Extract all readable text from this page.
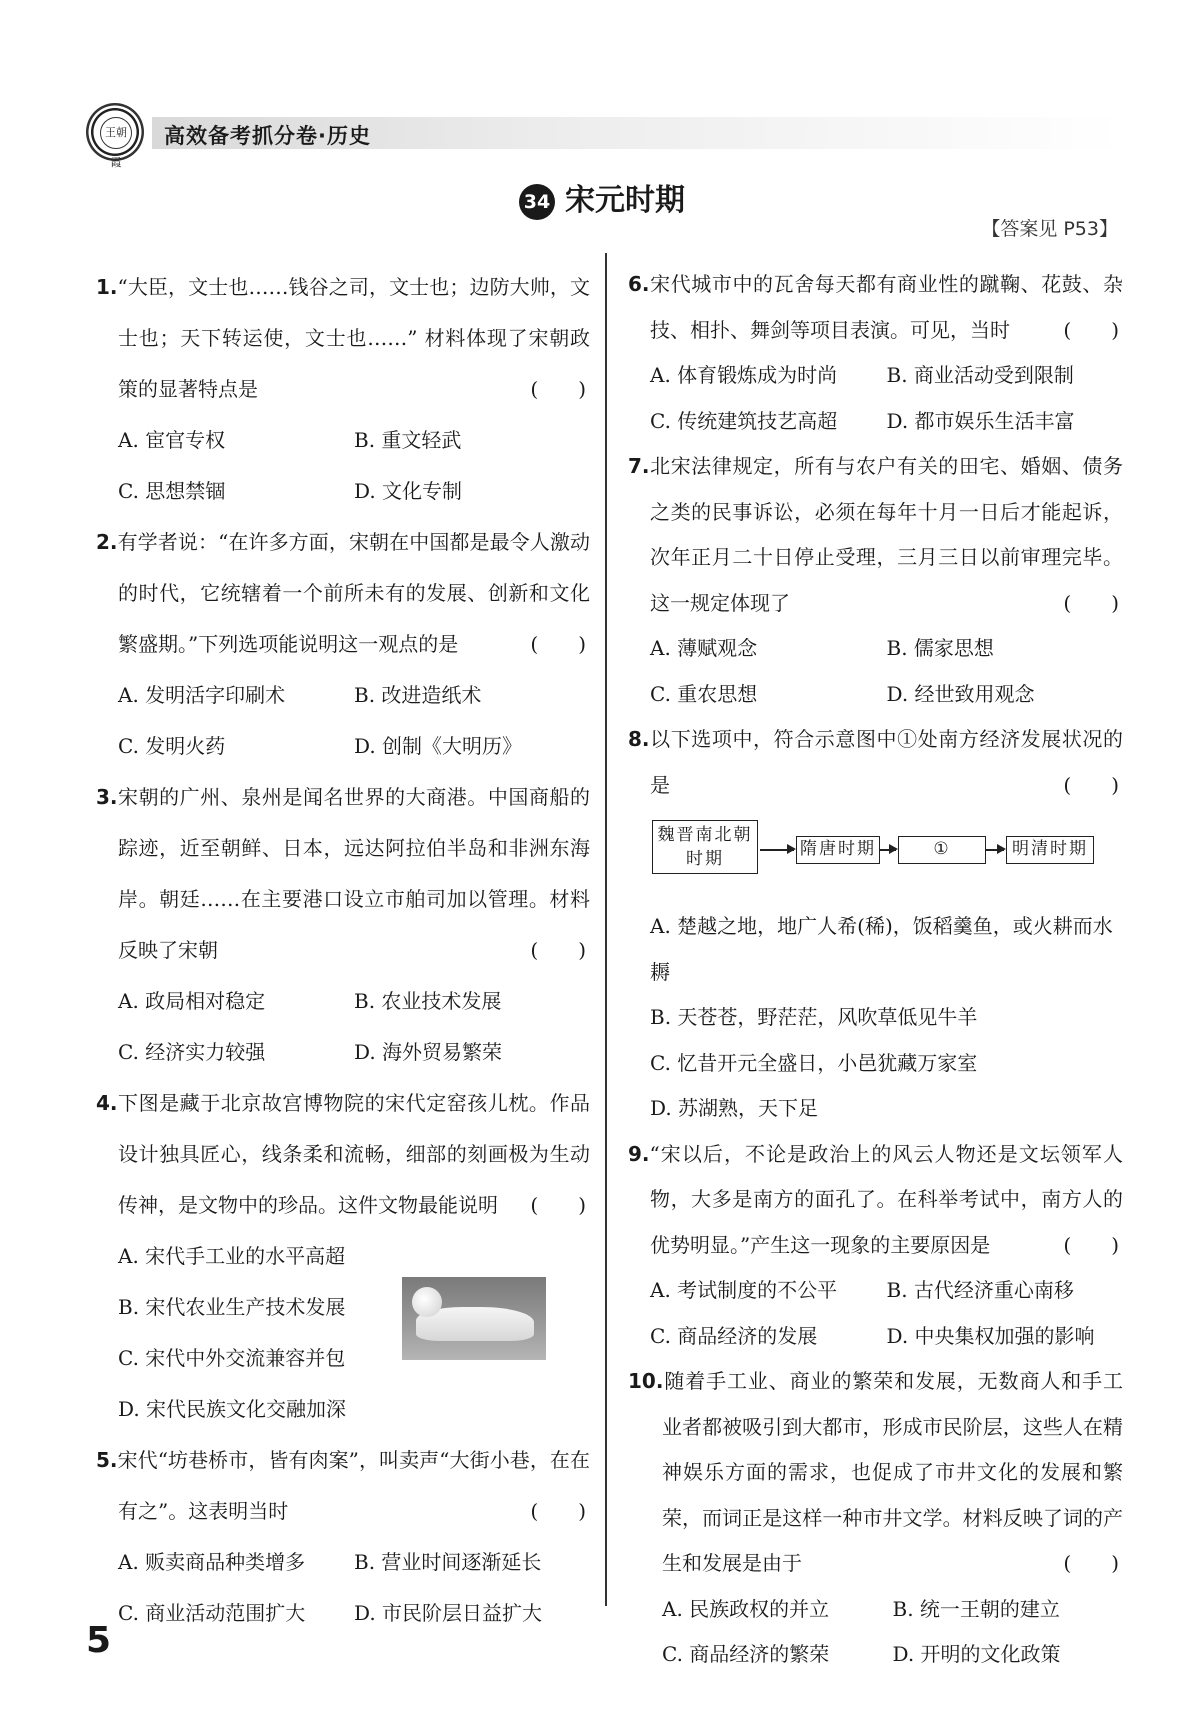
王朝霞
高效备考抓分卷·历史
34 宋元时期
【答案见 P53】
1.“大臣，文士也……钱谷之司，文士也；边防大帅，文士也；天下转运使，文士也……” 材料体现了宋朝政策的显著特点是	(　　)
A. 宦官专权	B. 重文轻武
C. 思想禁锢	D. 文化专制
2.有学者说：“在许多方面，宋朝在中国都是最令人激动的时代，它统辖着一个前所未有的发展、创新和文化繁盛期。”下列选项能说明这一观点的是	(　　)
A. 发明活字印刷术	B. 改进造纸术
C. 发明火药	D. 创制《大明历》
3.宋朝的广州、泉州是闻名世界的大商港。中国商船的踪迹，近至朝鲜、日本，远达阿拉伯半岛和非洲东海岸。朝廷……在主要港口设立市舶司加以管理。材料反映了宋朝	(　　)
A. 政局相对稳定	B. 农业技术发展
C. 经济实力较强	D. 海外贸易繁荣
4.下图是藏于北京故宫博物院的宋代定窑孩儿枕。作品设计独具匠心，线条柔和流畅，细部的刻画极为生动传神，是文物中的珍品。这件文物最能说明 (　　)
A. 宋代手工业的水平高超
B. 宋代农业生产技术发展
C. 宋代中外交流兼容并包
D. 宋代民族文化交融加深
5.宋代“坊巷桥市，皆有肉案”，叫卖声“大街小巷，在在有之”。这表明当时	(　　)
A. 贩卖商品种类增多	B. 营业时间逐渐延长
C. 商业活动范围扩大	D. 市民阶层日益扩大
6.宋代城市中的瓦舍每天都有商业性的蹴鞠、花鼓、杂技、相扑、舞剑等项目表演。可见，当时	(　　)
A. 体育锻炼成为时尚	B. 商业活动受到限制
C. 传统建筑技艺高超	D. 都市娱乐生活丰富
7.北宋法律规定，所有与农户有关的田宅、婚姻、债务之类的民事诉讼，必须在每年十月一日后才能起诉，次年正月二十日停止受理，三月三日以前审理完毕。这一规定体现了	(　　)
A. 薄赋观念	B. 儒家思想
C. 重农思想	D. 经世致用观念
8.以下选项中，符合示意图中①处南方经济发展状况的是	(　　)
魏晋南北朝时期	隋唐时期	①	明清时期
A. 楚越之地，地广人希(稀)，饭稻羹鱼，或火耕而水耨
B. 天苍苍，野茫茫，风吹草低见牛羊
C. 忆昔开元全盛日，小邑犹藏万家室
D. 苏湖熟，天下足
9.“宋以后，不论是政治上的风云人物还是文坛领军人物，大多是南方的面孔了。在科举考试中，南方人的优势明显。”产生这一现象的主要原因是	(　　)
A. 考试制度的不公平	B. 古代经济重心南移
C. 商品经济的发展	D. 中央集权加强的影响
10.随着手工业、商业的繁荣和发展，无数商人和手工业者都被吸引到大都市，形成市民阶层，这些人在精神娱乐方面的需求，也促成了市井文化的发展和繁荣，而词正是这样一种市井文学。材料反映了词的产生和发展是由于	(　　)
A. 民族政权的并立	B. 统一王朝的建立
C. 商品经济的繁荣	D. 开明的文化政策
5
